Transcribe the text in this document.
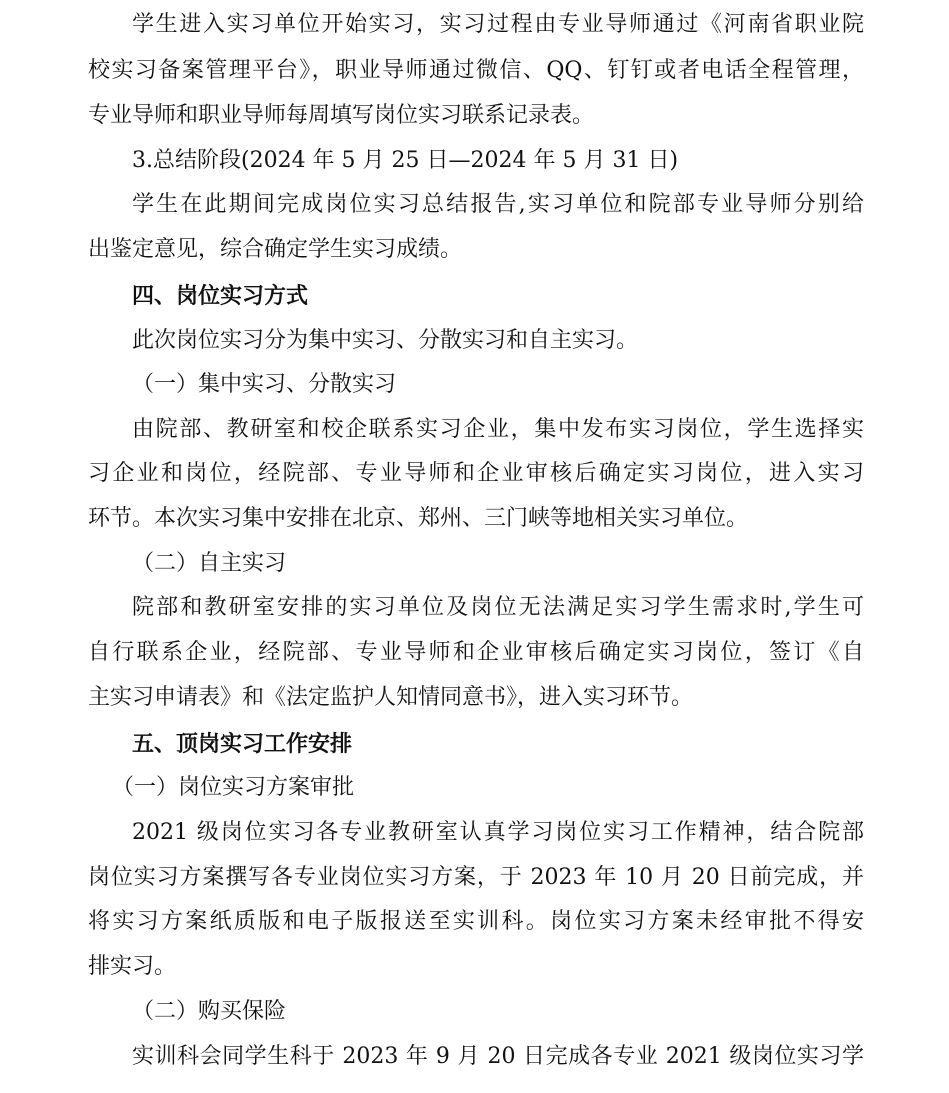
学生进入实习单位开始实习，实习过程由专业导师通过《河南省职业院
校实习备案管理平台》，职业导师通过微信、QQ、钉钉或者电话全程管理，
专业导师和职业导师每周填写岗位实习联系记录表。
3.总结阶段(2024 年 5 月 25 日—2024 年 5 月 31 日)
学生在此期间完成岗位实习总结报告,实习单位和院部专业导师分别给
出鉴定意见，综合确定学生实习成绩。
四、岗位实习方式
此次岗位实习分为集中实习、分散实习和自主实习。
（一）集中实习、分散实习
由院部、教研室和校企联系实习企业，集中发布实习岗位，学生选择实
习企业和岗位，经院部、专业导师和企业审核后确定实习岗位，进入实习
环节。本次实习集中安排在北京、郑州、三门峡等地相关实习单位。
（二）自主实习
院部和教研室安排的实习单位及岗位无法满足实习学生需求时,学生可
自行联系企业，经院部、专业导师和企业审核后确定实习岗位，签订《自
主实习申请表》和《法定监护人知情同意书》，进入实习环节。
五、顶岗实习工作安排
（一）岗位实习方案审批
2021 级岗位实习各专业教研室认真学习岗位实习工作精神，结合院部
岗位实习方案撰写各专业岗位实习方案，于 2023 年 10 月 20 日前完成，并
将实习方案纸质版和电子版报送至实训科。岗位实习方案未经审批不得安
排实习。
（二）购买保险
实训科会同学生科于 2023 年 9 月 20 日完成各专业 2021 级岗位实习学
